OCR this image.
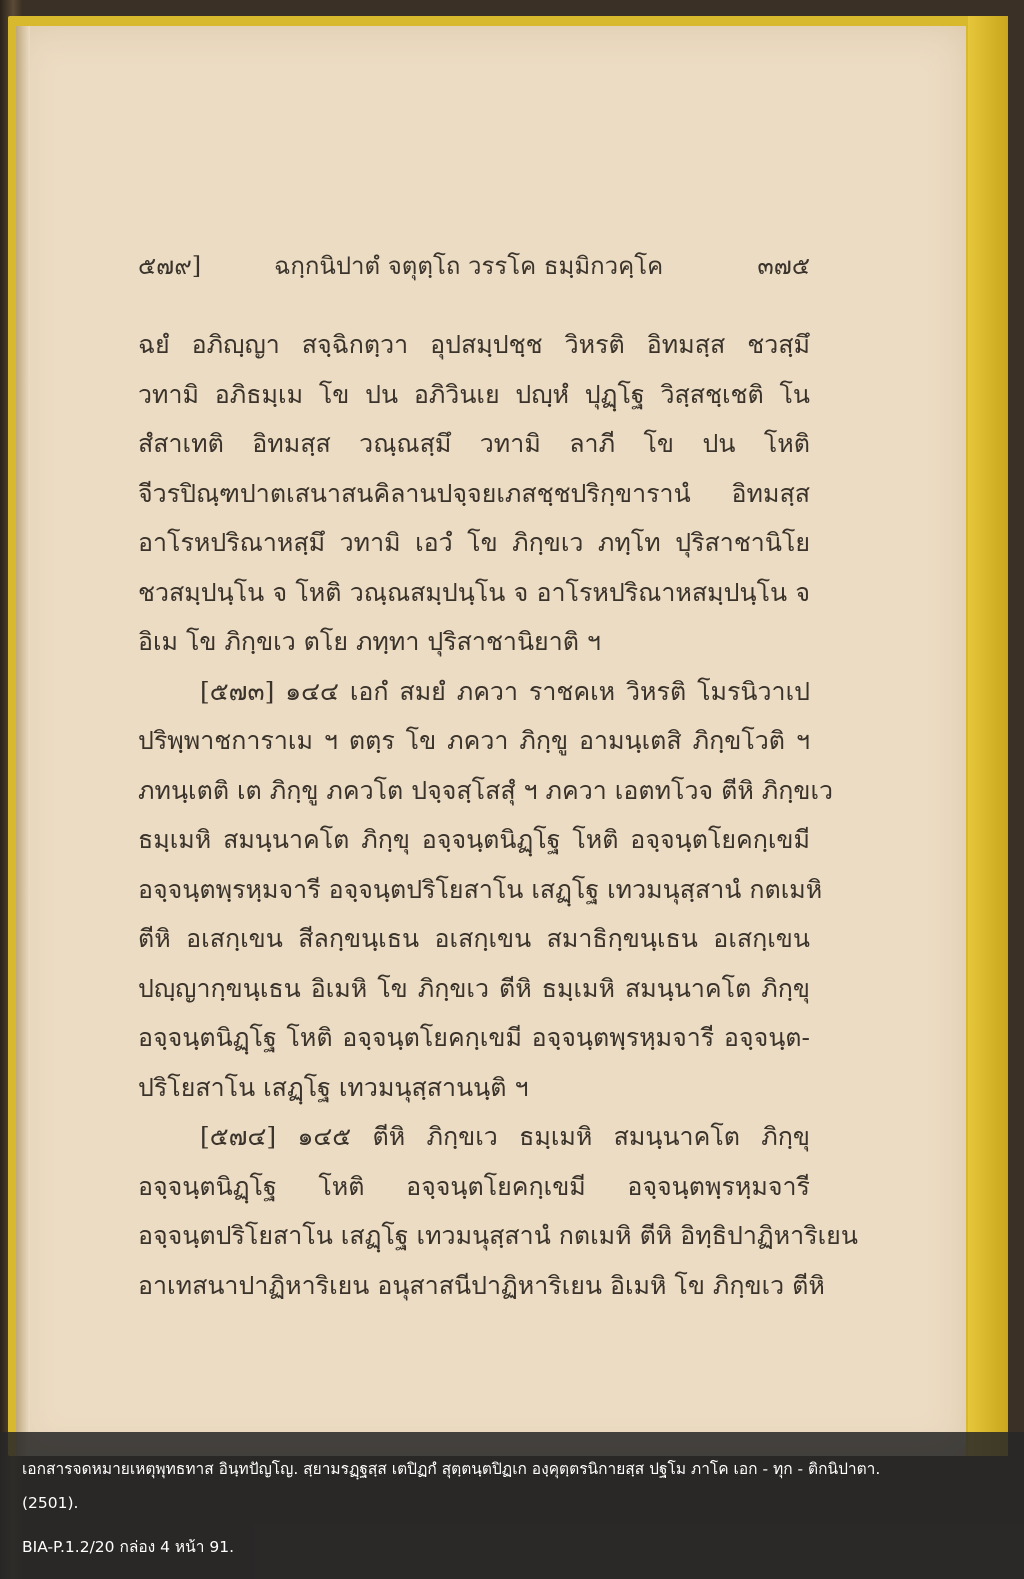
๕๗๙]	ฉกฺกนิปาตํ จตุตฺโถ วรรโค ธมฺมิกวคฺโค	๓๗๕
ฉยํ อภิญฺญา สจฺฉิกตฺวา อุปสมฺปชฺช วิหรติ อิทมสฺส ชวสฺมึ
วทามิ อภิธมฺเม โข ปน อภิวินเย ปญฺหํ ปุฏฺโฐ วิสฺสชฺเชติ โน
สํสาเทติ อิทมสฺส วณฺณสฺมึ วทามิ ลาภี โข ปน โหติ
จีวรปิณฺฑปาตเสนาสนคิลานปจฺจยเภสชฺชปริกฺขารานํ อิทมสฺส
อาโรหปริณาหสฺมึ วทามิ เอวํ โข ภิกฺขเว ภทฺโท ปุริสาชานิโย
ชวสมฺปนฺโน จ โหติ วณฺณสมฺปนฺโน จ อาโรหปริณาหสมฺปนฺโน จ
อิเม โข ภิกฺขเว ตโย ภทฺทา ปุริสาชานิยาติ ฯ
[๕๗๓] ๑๔๔ เอกํ สมยํ ภควา ราชคเห วิหรติ โมรนิวาเป
ปริพฺพาชการาเม ฯ ตตฺร โข ภควา ภิกฺขู อามนฺเตสิ ภิกฺขโวติ ฯ
ภทนฺเตติ เต ภิกฺขู ภควโต ปจฺจสฺโสสุํ ฯ ภควา เอตทโวจ ตีหิ ภิกฺขเว
ธมฺเมหิ สมนฺนาคโต ภิกฺขุ อจฺจนฺตนิฏฺโฐ โหติ อจฺจนฺตโยคกฺเขมี
อจฺจนฺตพฺรหฺมจารี อจฺจนฺตปริโยสาโน เสฏฺโฐ เทวมนุสฺสานํ กตเมหิ
ตีหิ อเสกฺเขน สีลกฺขนฺเธน อเสกฺเขน สมาธิกฺขนฺเธน อเสกฺเขน
ปญฺญากฺขนฺเธน อิเมหิ โข ภิกฺขเว ตีหิ ธมฺเมหิ สมนฺนาคโต ภิกฺขุ
อจฺจนฺตนิฏฺโฐ โหติ อจฺจนฺตโยคกฺเขมี อจฺจนฺตพฺรหฺมจารี อจฺจนฺต-
ปริโยสาโน เสฏฺโฐ เทวมนุสฺสานนฺติ ฯ
[๕๗๔] ๑๔๕ ตีหิ ภิกฺขเว ธมฺเมหิ สมนฺนาคโต ภิกฺขุ
อจฺจนฺตนิฏฺโฐ โหติ อจฺจนฺตโยคกฺเขมี อจฺจนฺตพฺรหฺมจารี
อจฺจนฺตปริโยสาโน เสฏฺโฐ เทวมนุสฺสานํ กตเมหิ ตีหิ อิทฺธิปาฏิหาริเยน
อาเทสนาปาฏิหาริเยน อนุสาสนีปาฏิหาริเยน อิเมหิ โข ภิกฺขเว ตีหิ
เอกสารจดหมายเหตุพุทธทาส อินฺทปัญโญ. สฺยามรฏฺฐสฺส เตปิฏกํ สุตฺตนฺตปิฏเก องฺคุตฺตรนิกายสฺส ปฐโม ภาโค เอก - ทุก - ติกนิปาตา.
(2501).
BIA-P.1.2/20 กล่อง 4 หน้า 91.
